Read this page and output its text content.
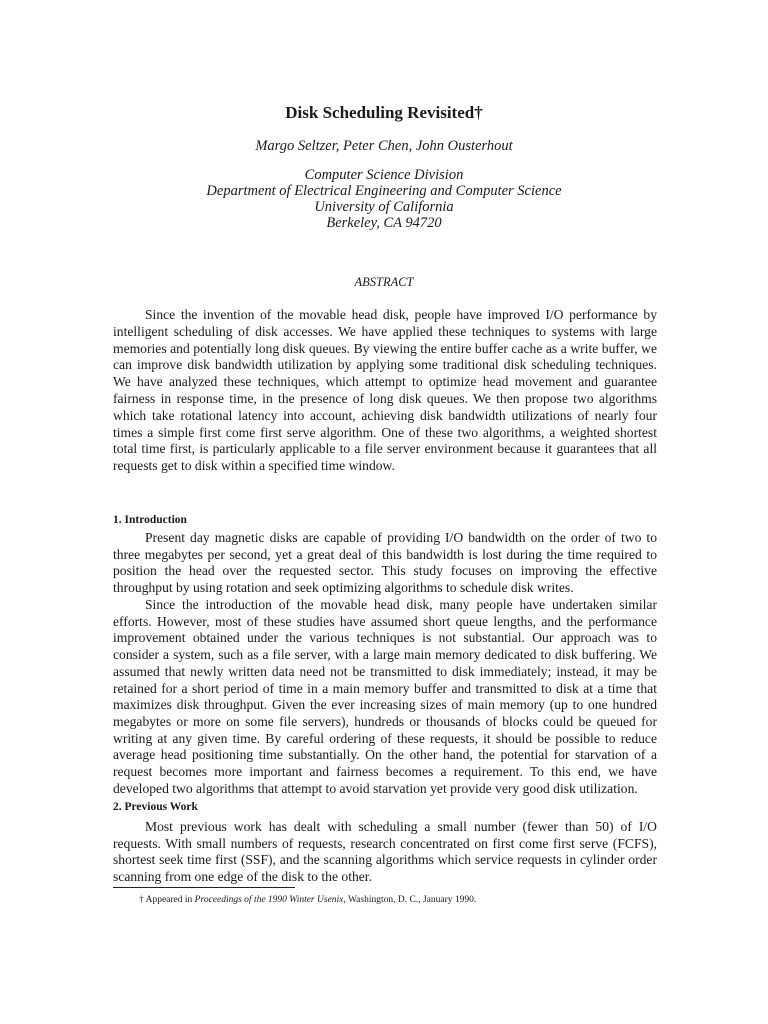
Disk Scheduling Revisited†
Margo Seltzer, Peter Chen, John Ousterhout
Computer Science Division
Department of Electrical Engineering and Computer Science
University of California
Berkeley, CA 94720
ABSTRACT

Since the invention of the movable head disk, people have improved I/O performance by intelligent scheduling of disk accesses. We have applied these techniques to systems with large memories and potentially long disk queues. By viewing the entire buffer cache as a write buffer, we can improve disk bandwidth utilization by applying some traditional disk scheduling techniques. We have analyzed these techniques, which attempt to optimize head movement and guarantee fairness in response time, in the presence of long disk queues. We then propose two algorithms which take rotational latency into account, achieving disk bandwidth utilizations of nearly four times a simple first come first serve algorithm. One of these two algorithms, a weighted shortest total time first, is particularly applicable to a file server environment because it guarantees that all requests get to disk within a specified time window.

1. Introduction

Present day magnetic disks are capable of providing I/O bandwidth on the order of two to three megabytes per second, yet a great deal of this bandwidth is lost during the time required to position the head over the requested sector. This study focuses on improving the effective throughput by using rotation and seek optimizing algorithms to schedule disk writes.

Since the introduction of the movable head disk, many people have undertaken similar efforts. However, most of these studies have assumed short queue lengths, and the performance improvement obtained under the various techniques is not substantial. Our approach was to consider a system, such as a file server, with a large main memory dedicated to disk buffering. We assumed that newly written data need not be transmitted to disk immediately; instead, it may be retained for a short period of time in a main memory buffer and transmitted to disk at a time that maximizes disk throughput. Given the ever increasing sizes of main memory (up to one hundred megabytes or more on some file servers), hundreds or thousands of blocks could be queued for writing at any given time. By careful ordering of these requests, it should be possible to reduce average head positioning time substantially. On the other hand, the potential for starvation of a request becomes more important and fairness becomes a requirement. To this end, we have developed two algorithms that attempt to avoid starvation yet provide very good disk utilization.

2. Previous Work

Most previous work has dealt with scheduling a small number (fewer than 50) of I/O requests. With small numbers of requests, research concentrated on first come first serve (FCFS), shortest seek time first (SSF), and the scanning algorithms which service requests in cylinder order scanning from one edge of the disk to the other.

† Appeared in Proceedings of the 1990 Winter Usenix, Washington, D. C., January 1990.
